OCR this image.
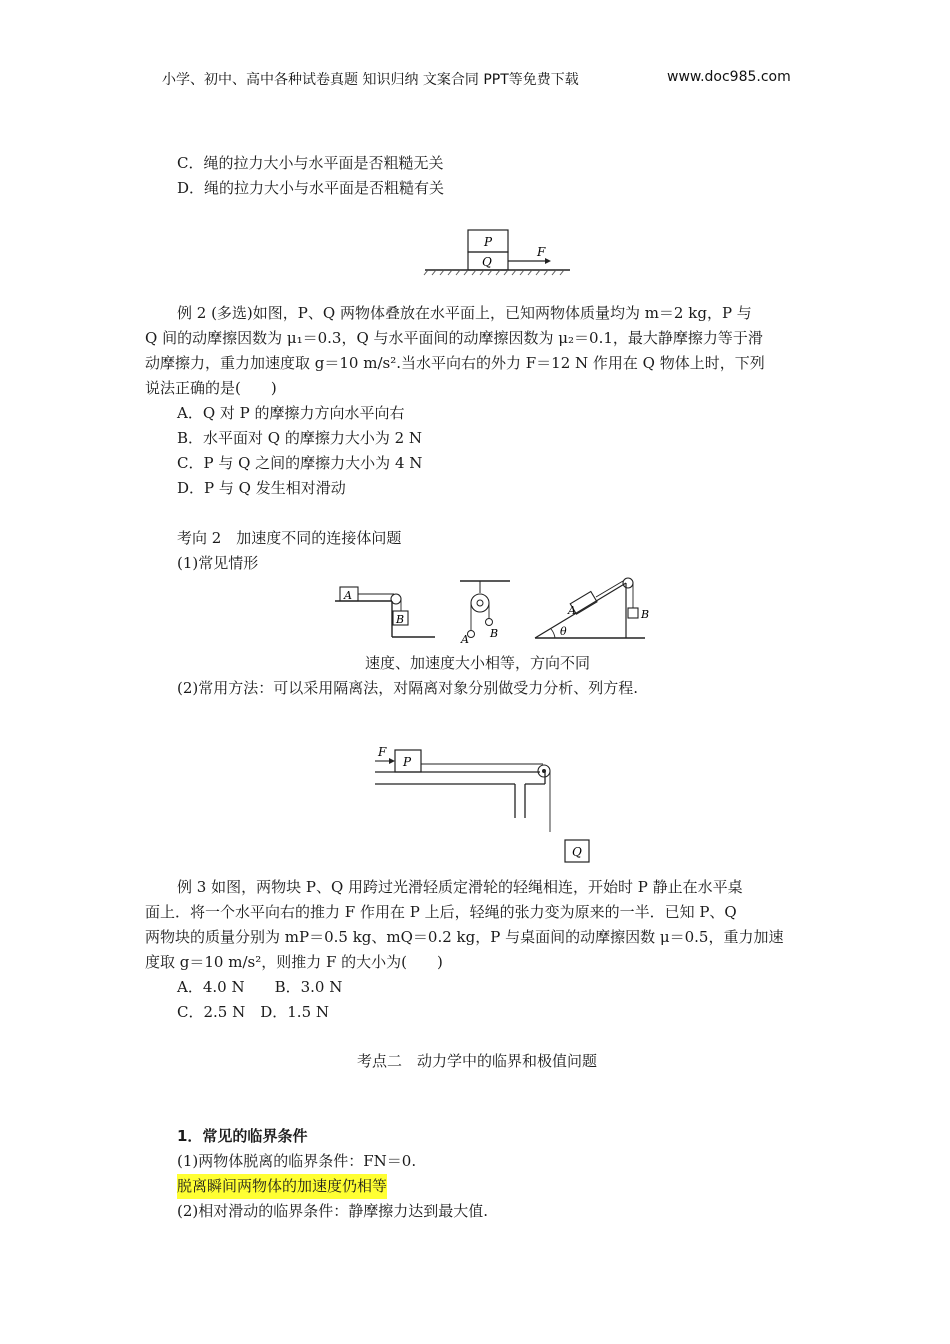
小学、初中、高中各种试卷真题 知识归纳 文案合同 PPT等免费下载	www.doc985.com
C．绳的拉力大小与水平面是否粗糙无关
D．绳的拉力大小与水平面是否粗糙有关
P
Q
F
例 2 (多选)如图，P、Q 两物体叠放在水平面上，已知两物体质量均为 m＝2 kg，P 与
Q 间的动摩擦因数为 μ₁＝0.3，Q 与水平面间的动摩擦因数为 μ₂＝0.1，最大静摩擦力等于滑
动摩擦力，重力加速度取 g＝10 m/s².当水平向右的外力 F＝12 N 作用在 Q 物体上时，下列
说法正确的是(　　)
A．Q 对 P 的摩擦力方向水平向右
B．水平面对 Q 的摩擦力大小为 2 N
C．P 与 Q 之间的摩擦力大小为 4 N
D．P 与 Q 发生相对滑动
考向 2　加速度不同的连接体问题
(1)常见情形
A
B
A B
A	B
θ
速度、加速度大小相等，方向不同
(2)常用方法：可以采用隔离法，对隔离对象分别做受力分析、列方程.
P
F
Q
例 3 如图，两物块 P、Q 用跨过光滑轻质定滑轮的轻绳相连，开始时 P 静止在水平桌
面上．将一个水平向右的推力 F 作用在 P 上后，轻绳的张力变为原来的一半．已知 P、Q
两物块的质量分别为 mP＝0.5 kg、mQ＝0.2 kg，P 与桌面间的动摩擦因数 μ＝0.5，重力加速
度取 g＝10 m/s²，则推力 F 的大小为(　　)
A．4.0 N　　B．3.0 N
C．2.5 N　D．1.5 N
考点二　动力学中的临界和极值问题
1．常见的临界条件
(1)两物体脱离的临界条件：FN＝0.
脱离瞬间两物体的加速度仍相等
(2)相对滑动的临界条件：静摩擦力达到最大值.
